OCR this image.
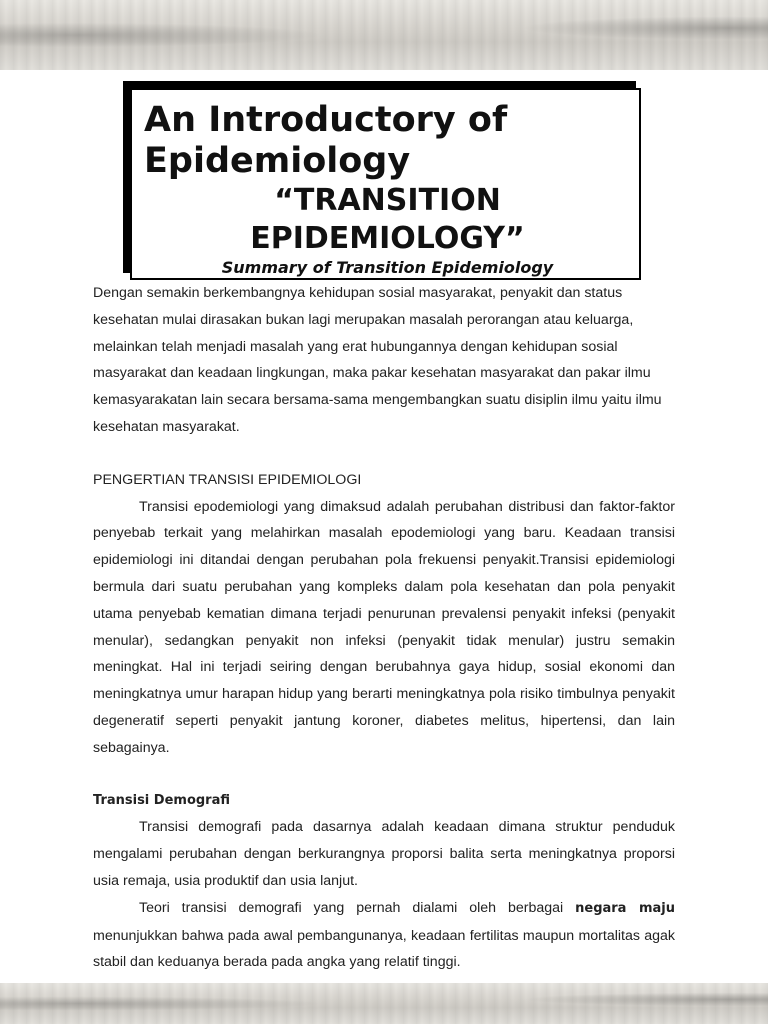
An Introductory of Epidemiology
“TRANSITION EPIDEMIOLOGY”
Summary of Transition Epidemiology

Dengan semakin berkembangnya kehidupan sosial masyarakat, penyakit dan status kesehatan mulai dirasakan bukan lagi merupakan masalah perorangan atau keluarga, melainkan telah menjadi masalah yang erat hubungannya dengan kehidupan sosial masyarakat dan keadaan lingkungan, maka pakar kesehatan masyarakat dan pakar ilmu kemasyarakatan lain secara bersama-sama mengembangkan suatu disiplin ilmu yaitu ilmu kesehatan masyarakat.

PENGERTIAN TRANSISI EPIDEMIOLOGI

Transisi epodemiologi yang dimaksud adalah perubahan distribusi dan faktor-faktor penyebab terkait yang melahirkan masalah epodemiologi yang baru. Keadaan transisi epidemiologi ini ditandai dengan perubahan pola frekuensi penyakit.Transisi epidemiologi bermula dari suatu perubahan yang kompleks dalam pola kesehatan dan pola penyakit utama penyebab kematian dimana terjadi penurunan prevalensi penyakit infeksi (penyakit menular), sedangkan penyakit non infeksi (penyakit tidak menular) justru semakin meningkat. Hal ini terjadi seiring dengan berubahnya gaya hidup, sosial ekonomi dan meningkatnya umur harapan hidup yang berarti meningkatnya pola risiko timbulnya penyakit degeneratif seperti penyakit jantung koroner, diabetes melitus, hipertensi, dan lain sebagainya.

Transisi Demografi

Transisi demografi pada dasarnya adalah keadaan dimana struktur penduduk mengalami perubahan dengan berkurangnya proporsi balita serta meningkatnya proporsi usia remaja, usia produktif dan usia lanjut.

Teori transisi demografi yang pernah dialami oleh berbagai negara maju menunjukkan bahwa pada awal pembangunanya, keadaan fertilitas maupun mortalitas agak stabil dan keduanya berada pada angka yang relatif tinggi.
